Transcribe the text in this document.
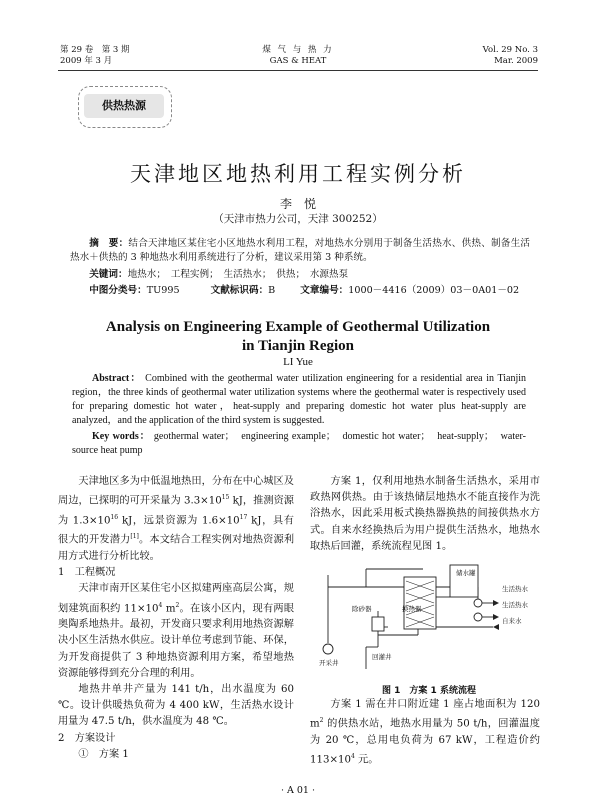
第 29 卷　第 3 期
2009 年 3 月
煤 气 与 热 力
GAS & HEAT
Vol. 29 No. 3
Mar. 2009
供热热源
天津地区地热利用工程实例分析
李　悦
（天津市热力公司，天津 300252）
摘　要：结合天津地区某住宅小区地热水利用工程，对地热水分别用于制备生活热水、供热、制备生活热水＋供热的 3 种地热水利用系统进行了分析，建议采用第 3 种系统。
关键词：地热水；　工程实例；　生活热水；　供热；　水源热泵
中图分类号：TU995	文献标识码：B	文章编号：1000－4416（2009）03－0A01－02
Analysis on Engineering Example of Geothermal Utilization
in Tianjin Region
LI Yue
Abstract： Combined with the geothermal water utilization engineering for a residential area in Tianjin region，the three kinds of geothermal water utilization systems where the geothermal water is respectively used for preparing domestic hot water，heat-supply and preparing domestic hot water plus heat-supply are analyzed，and the application of the third system is suggested.
Key words： geothermal water；　engineering example；　domestic hot water；　heat-supply；　water-source heat pump

天津地区多为中低温地热田，分布在中心城区及周边，已探明的可开采量为 $3.3\times 10^{15}$ kJ，推测资源为 $1.3\times 10^{16}$ kJ，远景资源为 $1.6\times 10^{17}$ kJ，具有很大的开发潜力[1]。本文结合工程实例对地热资源利用方式进行分析比较。

1　工程概况

天津市南开区某住宅小区拟建两座高层公寓，规划建筑面积约 $11\times 10^4$ $m^2$。在该小区内，现有两眼奥陶系地热井。最初，开发商只要求利用地热资源解决小区生活热水供应。设计单位考虑到节能、环保，为开发商提供了 3 种地热资源利用方案，希望地热资源能够得到充分合理的利用。

地热井单井产量为 141 t/h，出水温度为 60 ℃。设计供暖热负荷为 4 400 kW，生活热水设计用量为 47.5 t/h，供水温度为 48 ℃。

2　方案设计

①　方案 1

方案 1，仅利用地热水制备生活热水，采用市政热网供热。由于该热储层地热水不能直接作为洗浴热水，因此采用板式换热器换热的间接供热水方式。自来水经换热后为用户提供生活热水，地热水取热后回灌，系统流程见图 1。

储水罐
生活热水
生活热水
自来水
除砂器	换热器
开采井
回灌井
图 1　方案 1 系统流程

方案 1 需在井口附近建 1 座占地面积为 120 $m^2$ 的供热水站，地热水用量为 50 t/h，回灌温度为 20 ℃，总用电负荷为 67 kW，工程造价约 $113\times 10^4$ 元。

· A 01 ·
